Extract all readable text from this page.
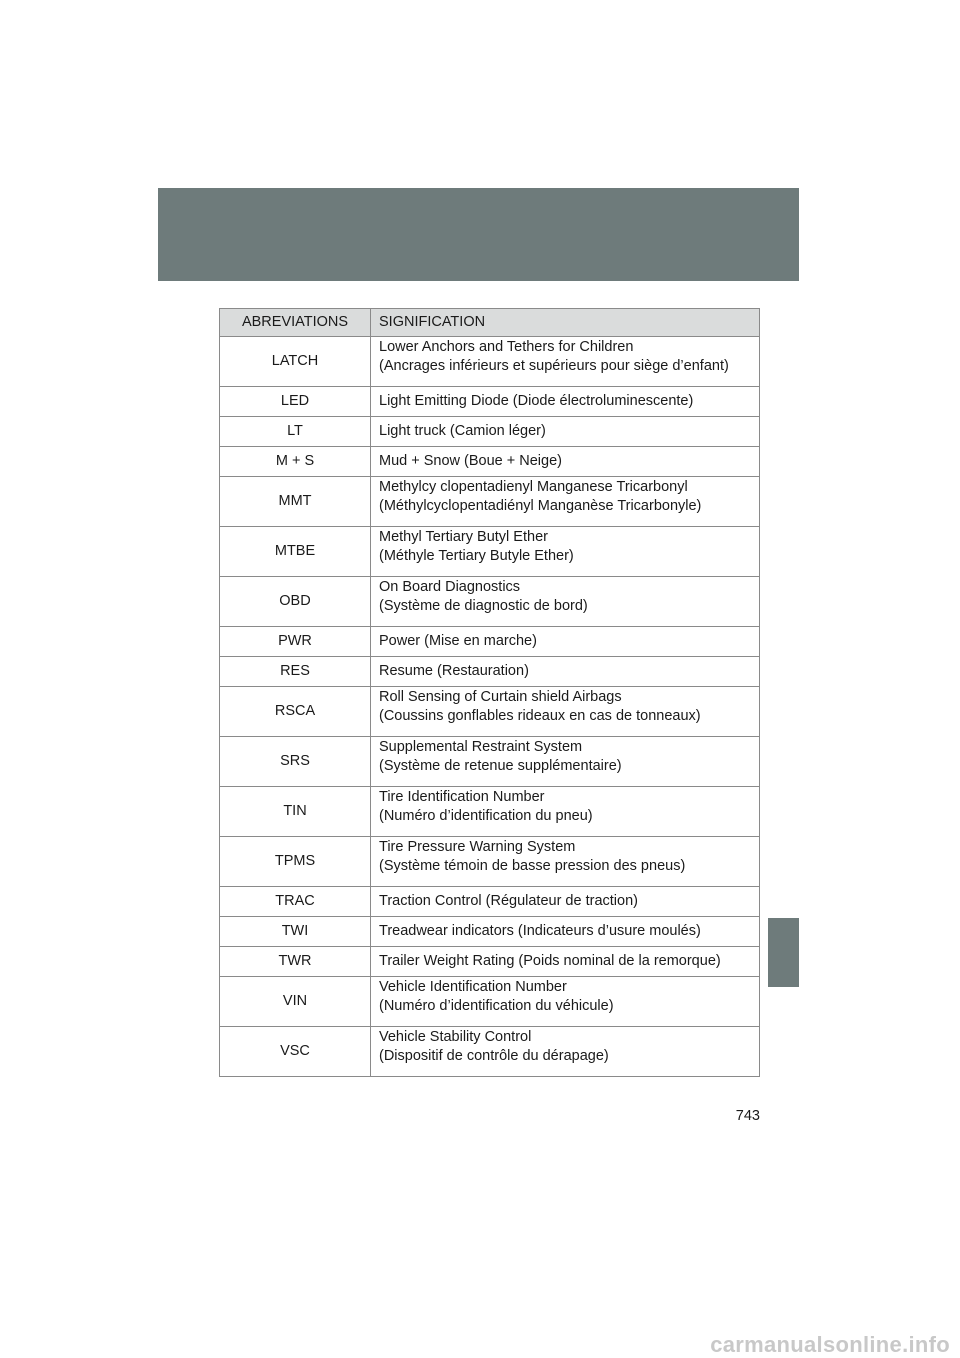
ABREVIATIONS	SIGNIFICATION
LATCH	Lower Anchors and Tethers for Children
(Ancrages inférieurs et supérieurs pour siège d’enfant)

LED	Light Emitting Diode (Diode électroluminescente)

LT	Light truck (Camion léger)

M + S	Mud + Snow (Boue + Neige)

MMT	Methylcy clopentadienyl Manganese Tricarbonyl
(Méthylcyclopentadiényl Manganèse Tricarbonyle)

MTBE	Methyl Tertiary Butyl Ether
(Méthyle Tertiary Butyle Ether)

OBD	On Board Diagnostics
(Système de diagnostic de bord)

PWR	Power (Mise en marche)

RES	Resume (Restauration)

RSCA	Roll Sensing of Curtain shield Airbags
(Coussins gonflables rideaux en cas de tonneaux)

SRS	Supplemental Restraint System
(Système de retenue supplémentaire)

TIN	Tire Identification Number
(Numéro d’identification du pneu)

TPMS	Tire Pressure Warning System
(Système témoin de basse pression des pneus)

TRAC	Traction Control (Régulateur de traction)

TWI	Treadwear indicators (Indicateurs d’usure moulés)

TWR	Trailer Weight Rating (Poids nominal de la remorque)

VIN	Vehicle Identification Number
(Numéro d’identification du véhicule)

VSC	Vehicle Stability Control
(Dispositif de contrôle du dérapage)
743
carmanualsonline.info
